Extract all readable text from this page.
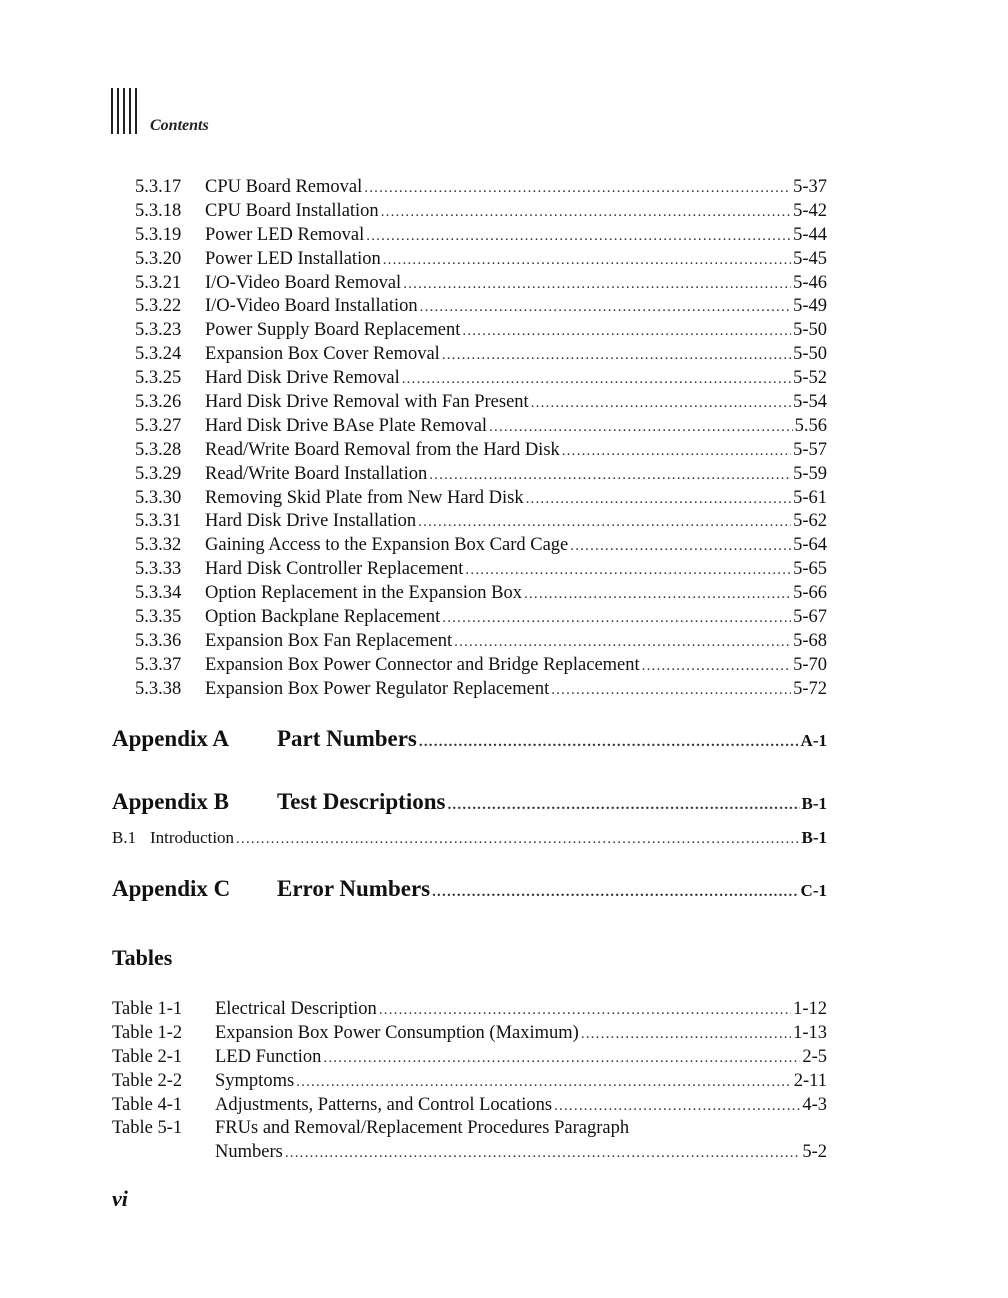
Contents
5.3.17	CPU Board Removal .....	5-37
5.3.18	CPU Board Installation .....	5-42
5.3.19	Power LED Removal .....	5-44
5.3.20	Power LED Installation .....	5-45
5.3.21	I/O-Video Board Removal .....	5-46
5.3.22	I/O-Video Board Installation .....	5-49
5.3.23	Power Supply Board Replacement .....	5-50
5.3.24	Expansion Box Cover Removal .....	5-50
5.3.25	Hard Disk Drive Removal .....	5-52
5.3.26	Hard Disk Drive Removal with Fan Present .....	5-54
5.3.27	Hard Disk Drive BAse Plate Removal .....	5.56
5.3.28	Read/Write Board Removal from the Hard Disk .....	5-57
5.3.29	Read/Write Board Installation .....	5-59
5.3.30	Removing Skid Plate from New Hard Disk .....	5-61
5.3.31	Hard Disk Drive Installation .....	5-62
5.3.32	Gaining Access to the Expansion Box Card Cage .....	5-64
5.3.33	Hard Disk Controller Replacement .....	5-65
5.3.34	Option Replacement in the Expansion Box .....	5-66
5.3.35	Option Backplane Replacement .....	5-67
5.3.36	Expansion Box Fan Replacement .....	5-68
5.3.37	Expansion Box Power Connector and Bridge Replacement .....	5-70
5.3.38	Expansion Box Power Regulator Replacement .....	5-72
Appendix A	Part Numbers .....	A-1
Appendix B	Test Descriptions .....	B-1
B.1 Introduction .....	B-1
Appendix C	Error Numbers .....	C-1
Tables
Table 1-1	Electrical Description .....	1-12
Table 1-2	Expansion Box Power Consumption (Maximum) .....	1-13
Table 2-1	LED Function .....	2-5
Table 2-2	Symptoms .....	2-11
Table 4-1	Adjustments, Patterns, and Control Locations .....	4-3
Table 5-1	FRUs and Removal/Replacement Procedures Paragraph
Numbers .....	5-2
vi
